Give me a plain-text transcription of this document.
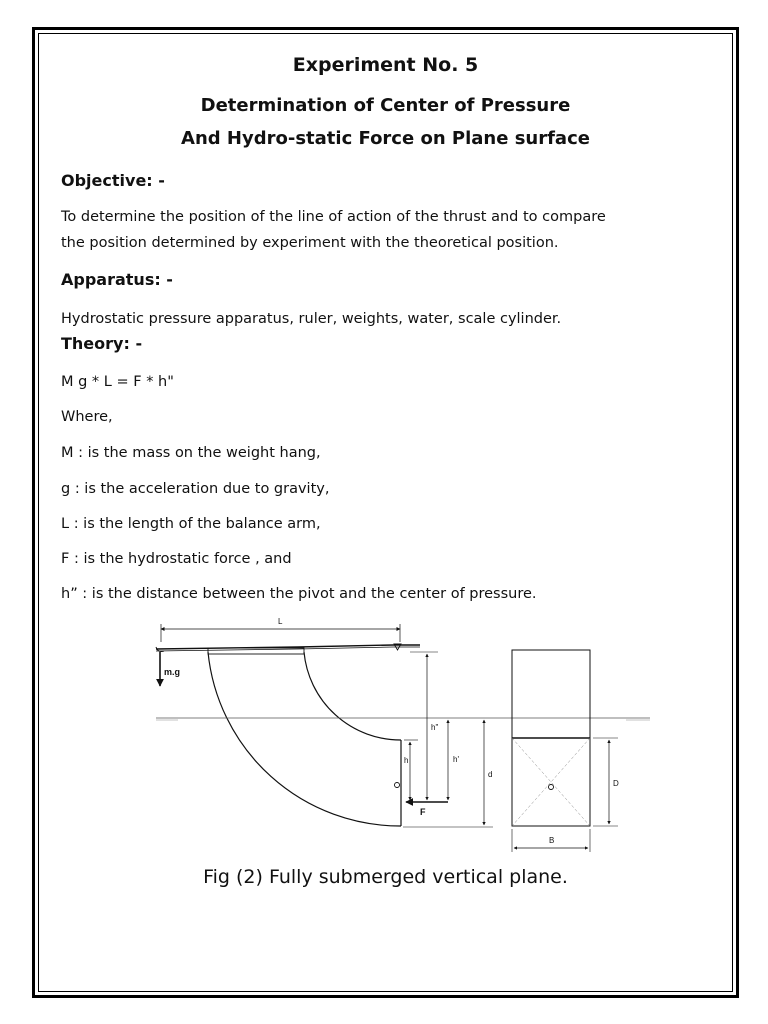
Experiment No. 5
Determination of Center of Pressure
And Hydro-static Force on Plane surface
Objective: -
To determine the position of the line of action of the thrust and to compare
the position determined by experiment with the theoretical position.
Apparatus: -
Hydrostatic pressure apparatus, ruler, weights, water, scale cylinder.
Theory: -
M g * L = F * h"
Where,
M : is the mass on the weight hang,
g : is the acceleration due to gravity,
L : is the length of the balance arm,
F : is the hydrostatic force , and
h” : is the distance between the pivot and the center of pressure.
L
m.g
F
h"
h	h'
d
D
B
Fig (2) Fully submerged vertical plane.
